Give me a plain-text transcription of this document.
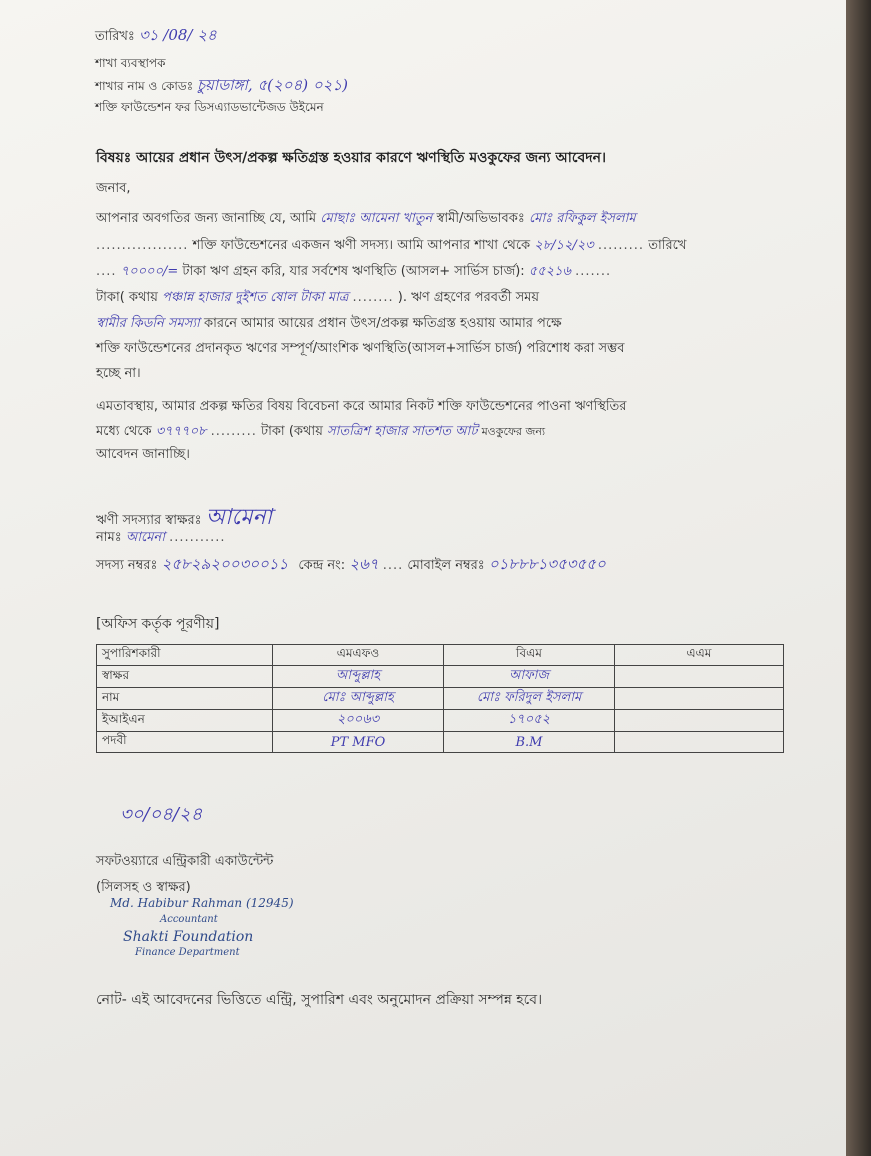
তারিখঃ ৩১ /08/ ২৪
শাখা ব্যবস্থাপক
শাখার নাম ও কোডঃ চুয়াডাঙ্গা, ৫(২০৪) ০২১)
শক্তি ফাউন্ডেশন ফর ডিসএ্যাডভান্টেজড উইমেন
বিষয়ঃ আয়ের প্রধান উৎস/প্রকল্প ক্ষতিগ্রস্ত হওয়ার কারণে ঋণস্থিতি মওকুফের জন্য আবেদন।
জনাব,
আপনার অবগতির জন্য জানাচ্ছি যে, আমি মোছাঃ আমেনা খাতুন স্বামী/অভিভাবকঃ মোঃ রফিকুল ইসলাম
.................. শক্তি ফাউন্ডেশনের একজন ঋণী সদস্য। আমি আপনার শাখা থেকে ২৮/১২/২৩ ......... তারিখে
.... ৭০০০০/= টাকা ঋণ গ্রহন করি, যার সর্বশেষ ঋণস্থিতি (আসল+ সার্ভিস চার্জ): ৫৫২১৬ .......
টাকা( কথায় পঞ্চান্ন হাজার দুইশত ষোল টাকা মাত্র ........ ). ঋণ গ্রহণের পরবর্তী সময়
স্বামীর কিডনি সমস্যা কারনে আমার আয়ের প্রধান উৎস/প্রকল্প ক্ষতিগ্রস্ত হওয়ায় আমার পক্ষে
শক্তি ফাউন্ডেশনের প্রদানকৃত ঋণের সম্পূর্ণ/আংশিক ঋণস্থিতি(আসল+সার্ভিস চার্জ) পরিশোধ করা সম্ভব
হচ্ছে না।
এমতাবস্থায়, আমার প্রকল্প ক্ষতির বিষয় বিবেচনা করে আমার নিকট শক্তি ফাউন্ডেশনের পাওনা ঋণস্থিতির
মধ্যে থেকে ৩৭৭৭০৮ ......... টাকা (কথায় সাতত্রিশ হাজার সাতশত আট মওকুফের জন্য
আবেদন জানাচ্ছি।
ঋণী সদস্যার স্বাক্ষরঃ আমেনা
নামঃ আমেনা ...........
সদস্য নম্বরঃ ২৫৮২৯২০০৩০০১১ কেন্দ্র নং: ২৬৭ .... মোবাইল নম্বরঃ ০১৮৮৮১৩৫৩৫৫০
[অফিস কর্তৃক পূরণীয়]
সুপারিশকারী	এমএফও	বিএম	এএম
স্বাক্ষর	আব্দুল্লাহ	আফাজ	
নাম	মোঃ আব্দুল্লাহ	মোঃ ফরিদুল ইসলাম	
ইআইএন	২০০৬৩	১৭০৫২	
পদবী	PT MFO	B.M	
৩০/০৪/২৪
সফটওয়্যারে এন্ট্রিকারী একাউন্টেন্ট
(সিলসহ ও স্বাক্ষর)
Md. Habibur Rahman (12945)
Accountant
Shakti Foundation
Finance Department
নোট- এই আবেদনের ভিত্তিতে এন্ট্রি, সুপারিশ এবং অনুমোদন প্রক্রিয়া সম্পন্ন হবে।
